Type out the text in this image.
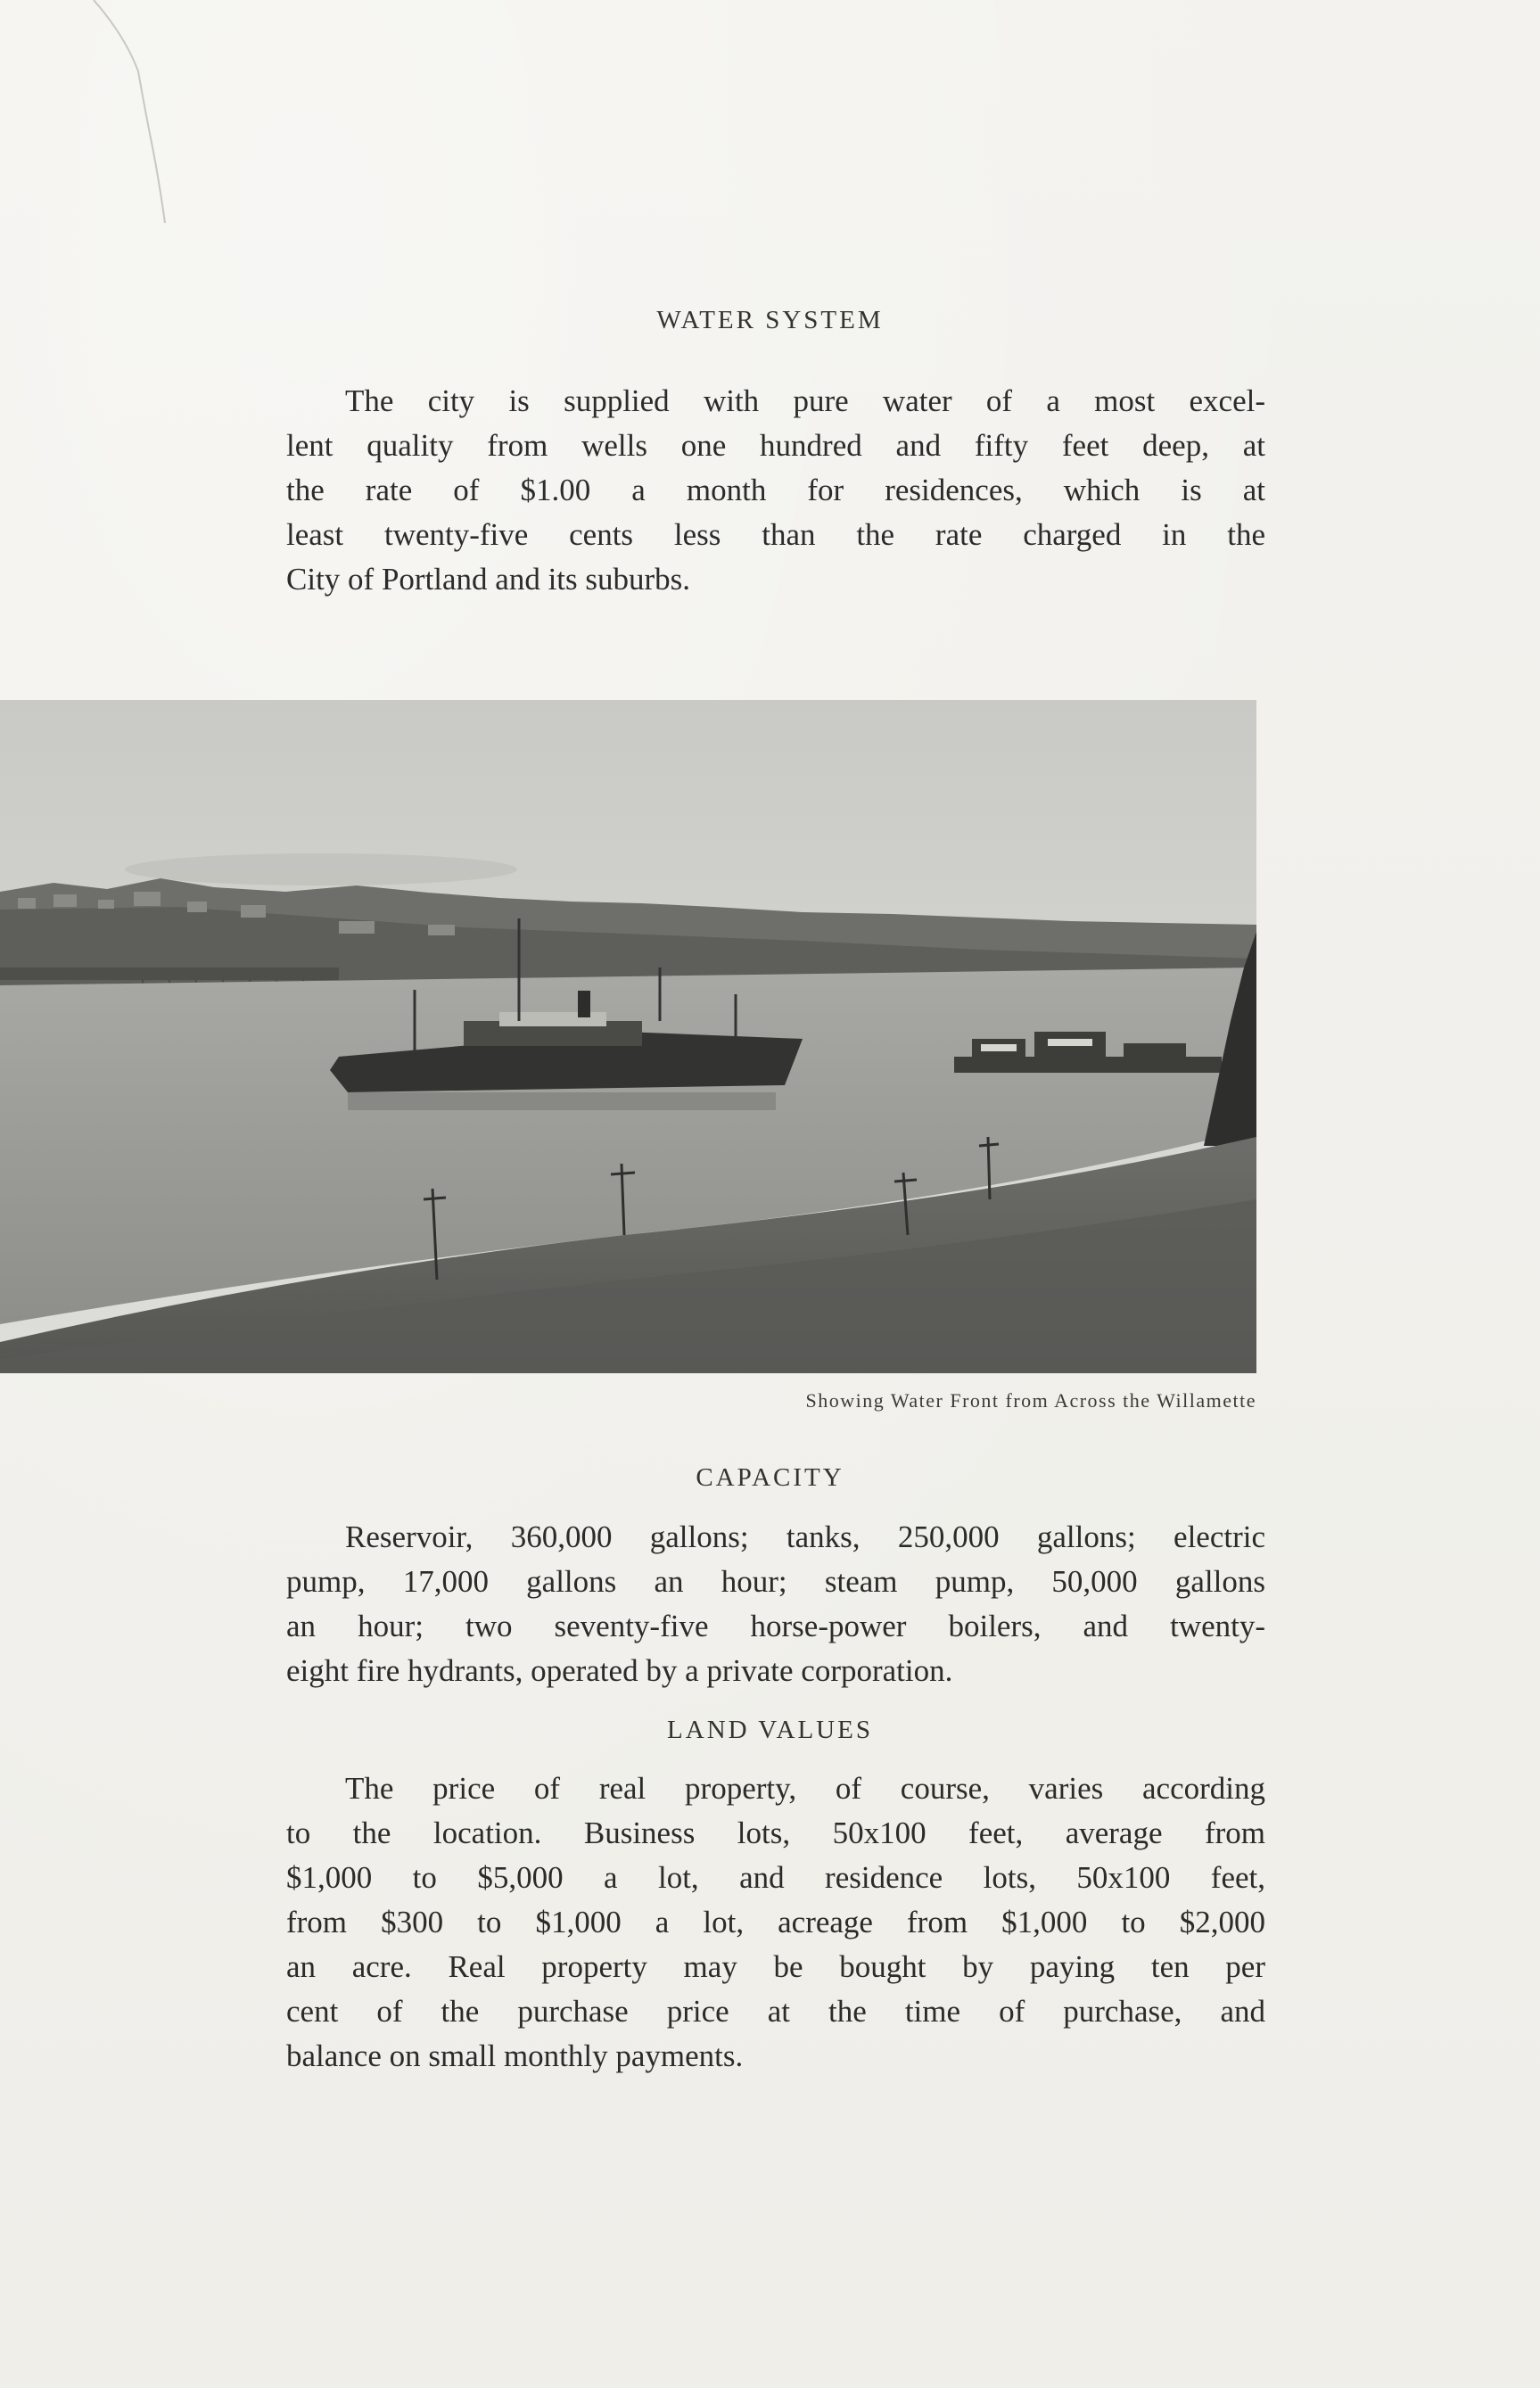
WATER SYSTEM
The city is supplied with pure water of a most excel-
lent quality from wells one hundred and fifty feet deep, at
the rate of $1.00 a month for residences, which is at
least twenty-five cents less than the rate charged in the
City of Portland and its suburbs.
Showing Water Front from Across the Willamette
CAPACITY
Reservoir, 360,000 gallons; tanks, 250,000 gallons; electric
pump, 17,000 gallons an hour; steam pump, 50,000 gallons
an hour; two seventy-five horse-power boilers, and twenty-
eight fire hydrants, operated by a private corporation.
LAND VALUES
The price of real property, of course, varies according
to the location. Business lots, 50x100 feet, average from
$1,000 to $5,000 a lot, and residence lots, 50x100 feet,
from $300 to $1,000 a lot, acreage from $1,000 to $2,000
an acre. Real property may be bought by paying ten per
cent of the purchase price at the time of purchase, and
balance on small monthly payments.
